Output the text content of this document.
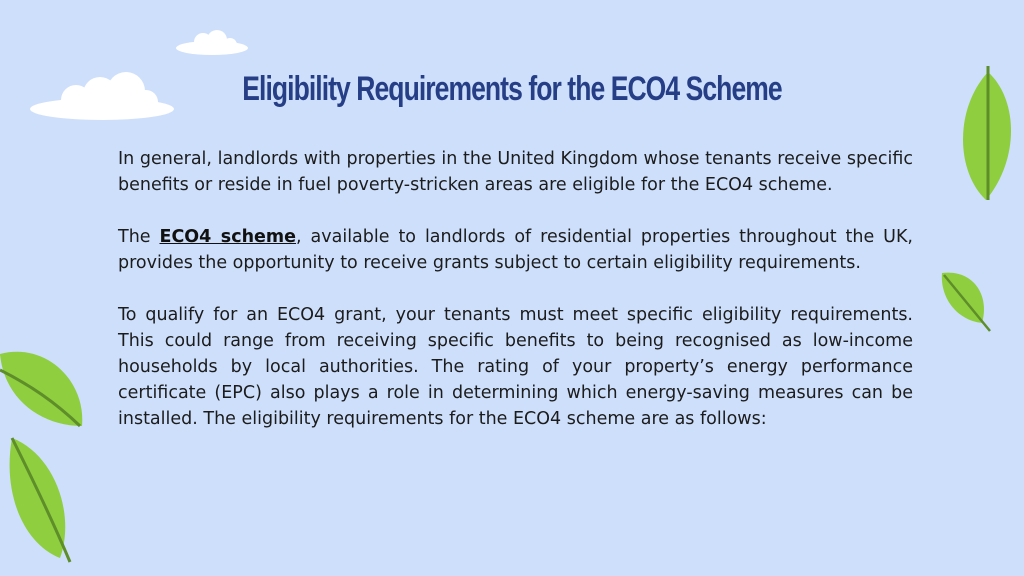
Eligibility Requirements for the ECO4 Scheme

In general, landlords with properties in the United Kingdom whose tenants receive specific benefits or reside in fuel poverty-stricken areas are eligible for the ECO4 scheme.

The ECO4 scheme, available to landlords of residential properties throughout the UK, provides the opportunity to receive grants subject to certain eligibility requirements.

To qualify for an ECO4 grant, your tenants must meet specific eligibility requirements. This could range from receiving specific benefits to being recognised as low-income households by local authorities. The rating of your property’s energy performance certificate (EPC) also plays a role in determining which energy-saving measures can be installed. The eligibility requirements for the ECO4 scheme are as follows:
